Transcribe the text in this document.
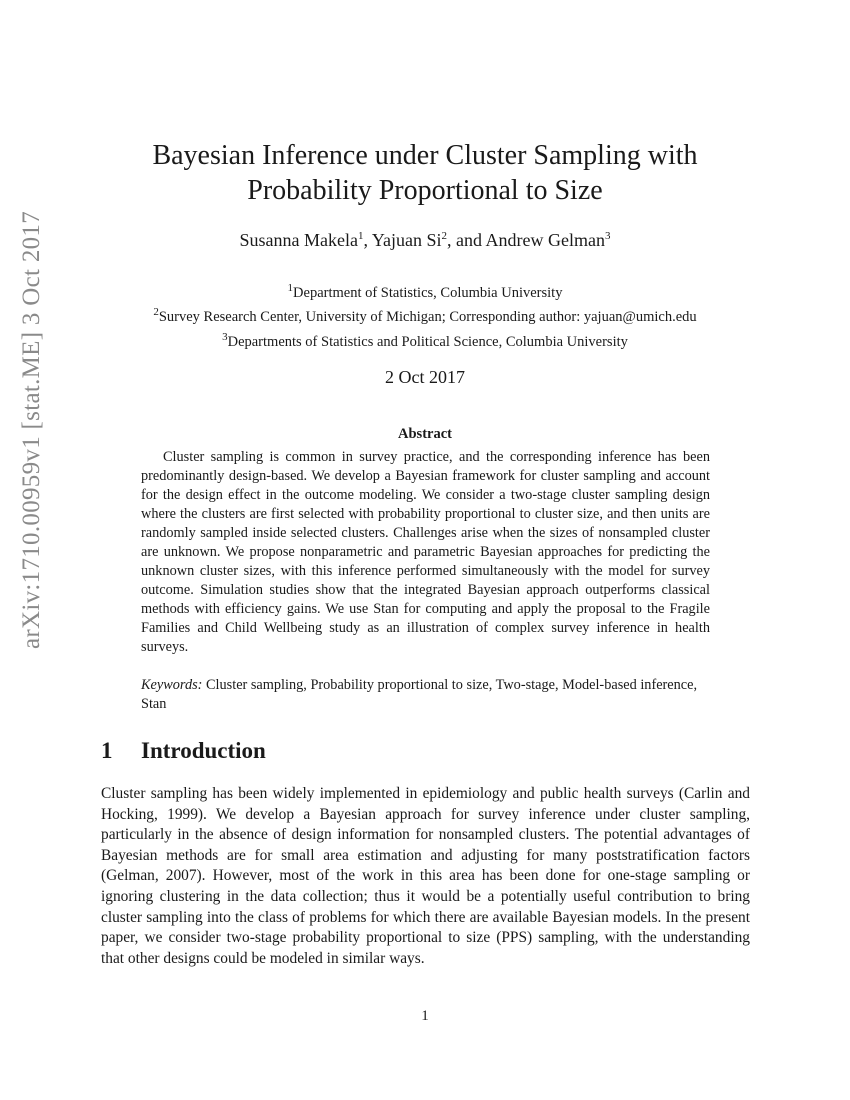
arXiv:1710.00959v1 [stat.ME] 3 Oct 2017
Bayesian Inference under Cluster Sampling with
Probability Proportional to Size
Susanna Makela$^1$, Yajuan Si$^2$, and Andrew Gelman$^3$
$^1$Department of Statistics, Columbia University
$^2$Survey Research Center, University of Michigan; Corresponding author: yajuan@umich.edu
$^3$Departments of Statistics and Political Science, Columbia University
2 Oct 2017
Abstract

Cluster sampling is common in survey practice, and the corresponding inference has been predominantly design-based. We develop a Bayesian framework for cluster sampling and account for the design effect in the outcome modeling. We consider a two-stage cluster sampling design where the clusters are first selected with probability proportional to cluster size, and then units are randomly sampled inside selected clusters. Challenges arise when the sizes of nonsampled cluster are unknown. We propose nonparametric and parametric Bayesian approaches for predicting the unknown cluster sizes, with this inference performed simultaneously with the model for survey outcome. Simulation studies show that the integrated Bayesian approach outperforms classical methods with efficiency gains. We use Stan for computing and apply the proposal to the Fragile Families and Child Wellbeing study as an illustration of complex survey inference in health surveys.

Keywords: Cluster sampling, Probability proportional to size, Two-stage, Model-based inference, Stan

1 Introduction

Cluster sampling has been widely implemented in epidemiology and public health surveys (Carlin and Hocking, 1999). We develop a Bayesian approach for survey inference under cluster sampling, particularly in the absence of design information for nonsampled clusters. The potential advantages of Bayesian methods are for small area estimation and adjusting for many poststratification factors (Gelman, 2007). However, most of the work in this area has been done for one-stage sampling or ignoring clustering in the data collection; thus it would be a potentially useful contribution to bring cluster sampling into the class of problems for which there are available Bayesian models. In the present paper, we consider two-stage probability proportional to size (PPS) sampling, with the understanding that other designs could be modeled in similar ways.

1
